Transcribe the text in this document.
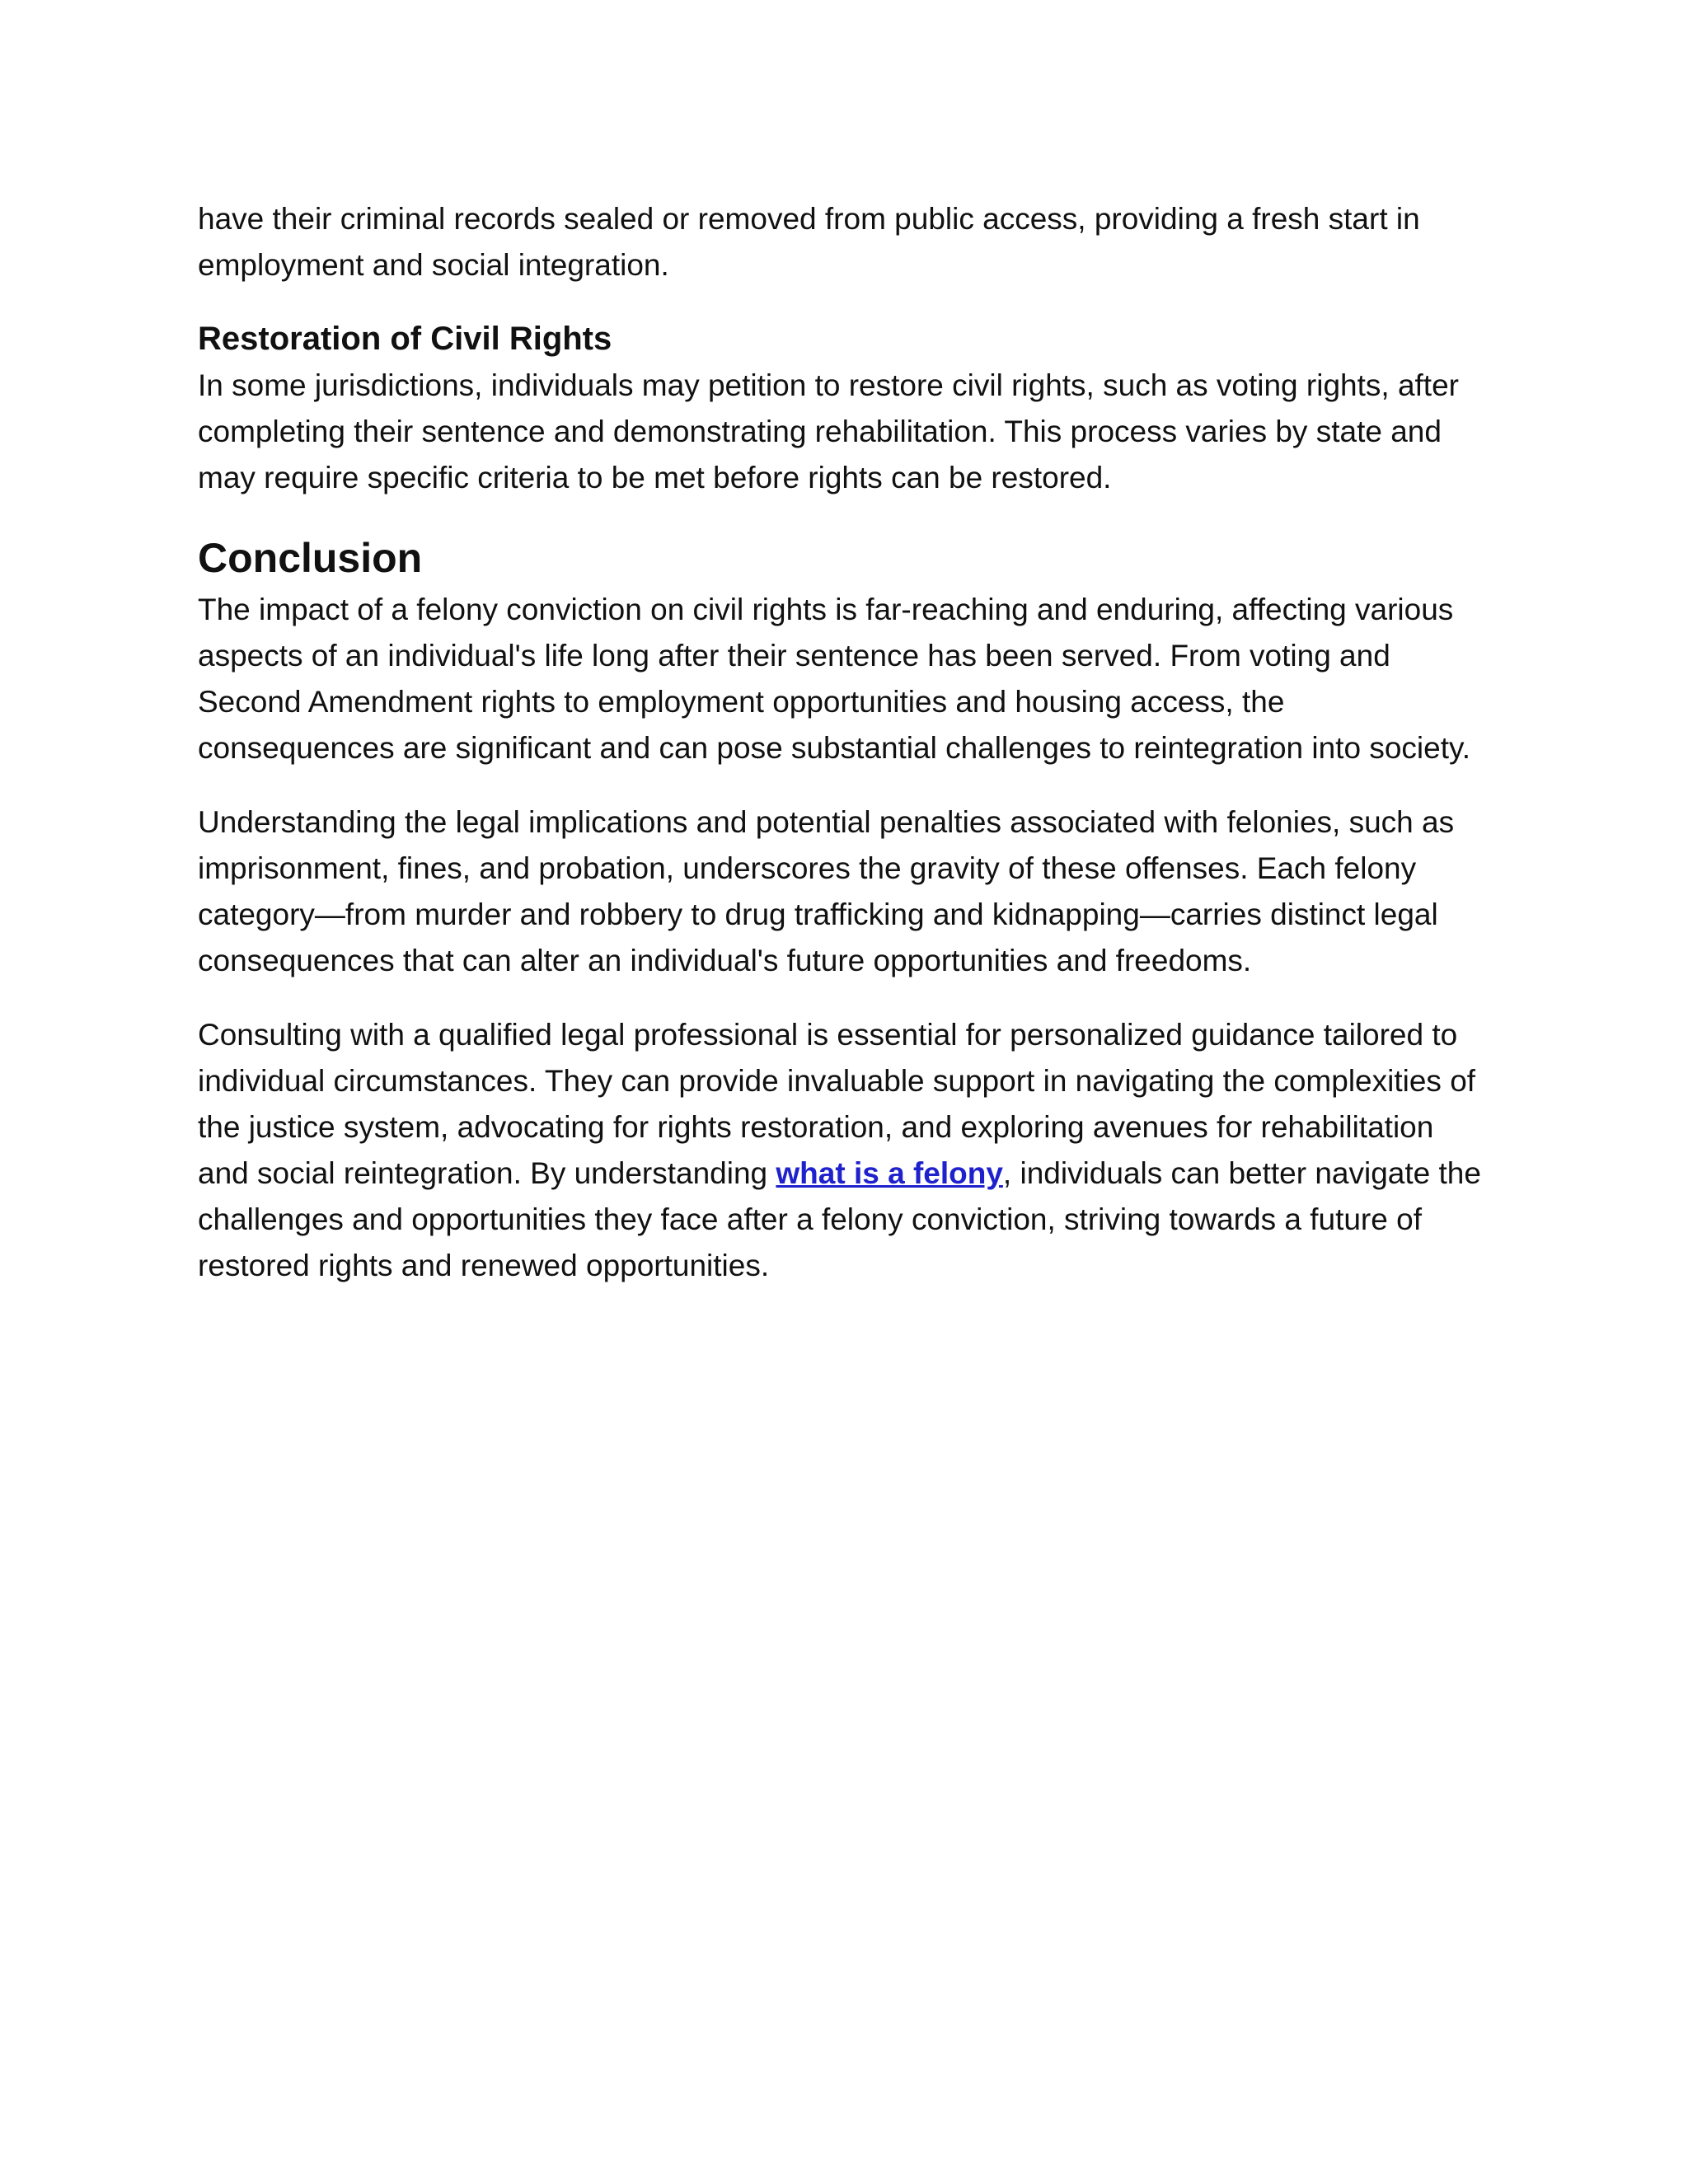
have their criminal records sealed or removed from public access, providing a fresh start in employment and social integration.

Restoration of Civil Rights

In some jurisdictions, individuals may petition to restore civil rights, such as voting rights, after completing their sentence and demonstrating rehabilitation. This process varies by state and may require specific criteria to be met before rights can be restored.

Conclusion

The impact of a felony conviction on civil rights is far-reaching and enduring, affecting various aspects of an individual's life long after their sentence has been served. From voting and Second Amendment rights to employment opportunities and housing access, the consequences are significant and can pose substantial challenges to reintegration into society.

Understanding the legal implications and potential penalties associated with felonies, such as imprisonment, fines, and probation, underscores the gravity of these offenses. Each felony category—from murder and robbery to drug trafficking and kidnapping—carries distinct legal consequences that can alter an individual's future opportunities and freedoms.

Consulting with a qualified legal professional is essential for personalized guidance tailored to individual circumstances. They can provide invaluable support in navigating the complexities of the justice system, advocating for rights restoration, and exploring avenues for rehabilitation and social reintegration. By understanding what is a felony, individuals can better navigate the challenges and opportunities they face after a felony conviction, striving towards a future of restored rights and renewed opportunities.
